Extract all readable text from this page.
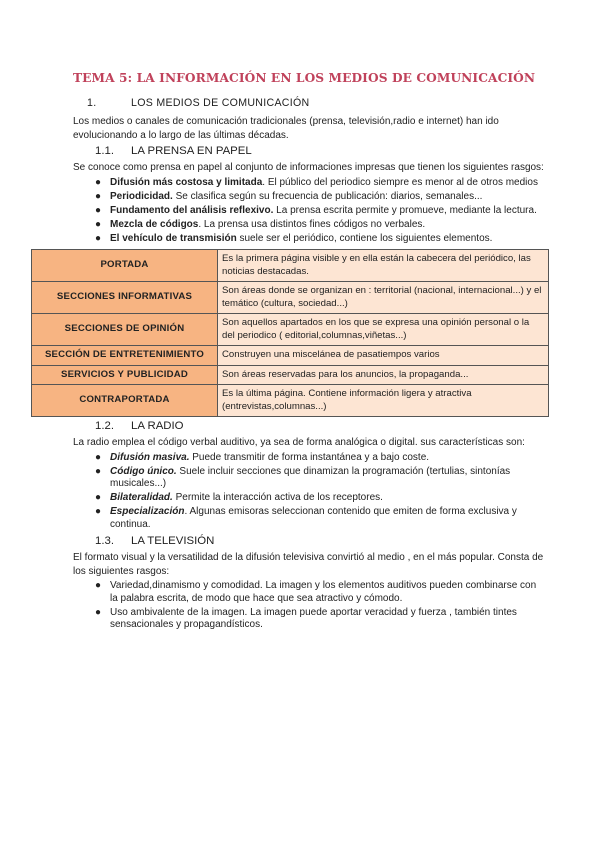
TEMA 5: LA INFORMACIÓN EN LOS MEDIOS DE COMUNICACIÓN
1.	LOS MEDIOS DE COMUNICACIÓN

Los medios o canales de comunicación tradicionales (prensa, televisión,radio e internet) han ido evolucionando a lo largo de las últimas décadas.

1.1.	LA PRENSA EN PAPEL

Se conoce como prensa en papel al conjunto de informaciones impresas que tienen los siguientes rasgos:

● Difusión más costosa y limitada. El público del periodico siempre es menor al de otros medios
● Periodicidad. Se clasifica según su frecuencia de publicación: diarios, semanales...
● Fundamento del análisis reflexivo. La prensa escrita permite y promueve, mediante la lectura.
● Mezcla de códigos. La prensa usa distintos fines códigos no verbales.
● El vehículo de transmisión suele ser el periódico, contiene los siguientes elementos.
PORTADA	Es la primera página visible y en ella están la cabecera del periódico, las noticias destacadas.
SECCIONES INFORMATIVAS	Son áreas donde se organizan en : territorial (nacional, internacional...) y el temático (cultura, sociedad...)
SECCIONES DE OPINIÓN	Son aquellos apartados en los que se expresa una opinión personal o la del periodico ( editorial,columnas,viñetas...)
SECCIÓN DE ENTRETENIMIENTO	Construyen una miscelánea de pasatiempos varios
SERVICIOS Y PUBLICIDAD	Son áreas reservadas para los anuncios, la propaganda...
CONTRAPORTADA	Es la última página. Contiene información ligera y atractiva (entrevistas,columnas...)
1.2.	LA RADIO

La radio emplea el código verbal auditivo, ya sea de forma analógica o digital. sus características son:

● Difusión masiva. Puede transmitir de forma instantánea y a bajo coste.
● Código único. Suele incluir secciones que dinamizan la programación (tertulias, sintonías musicales...)
● Bilateralidad. Permite la interacción activa de los receptores.
● Especialización. Algunas emisoras seleccionan contenido que emiten de forma exclusiva y continua.
1.3.	LA TELEVISIÓN

El formato visual y la versatilidad de la difusión televisiva convirtió al medio , en el más popular. Consta de los siguientes rasgos:

● Variedad,dinamismo y comodidad. La imagen y los elementos auditivos pueden combinarse con la palabra escrita, de modo que hace que sea atractivo y cómodo.
● Uso ambivalente de la imagen. La imagen puede aportar veracidad y fuerza , también tintes sensacionales y propagandísticos.
